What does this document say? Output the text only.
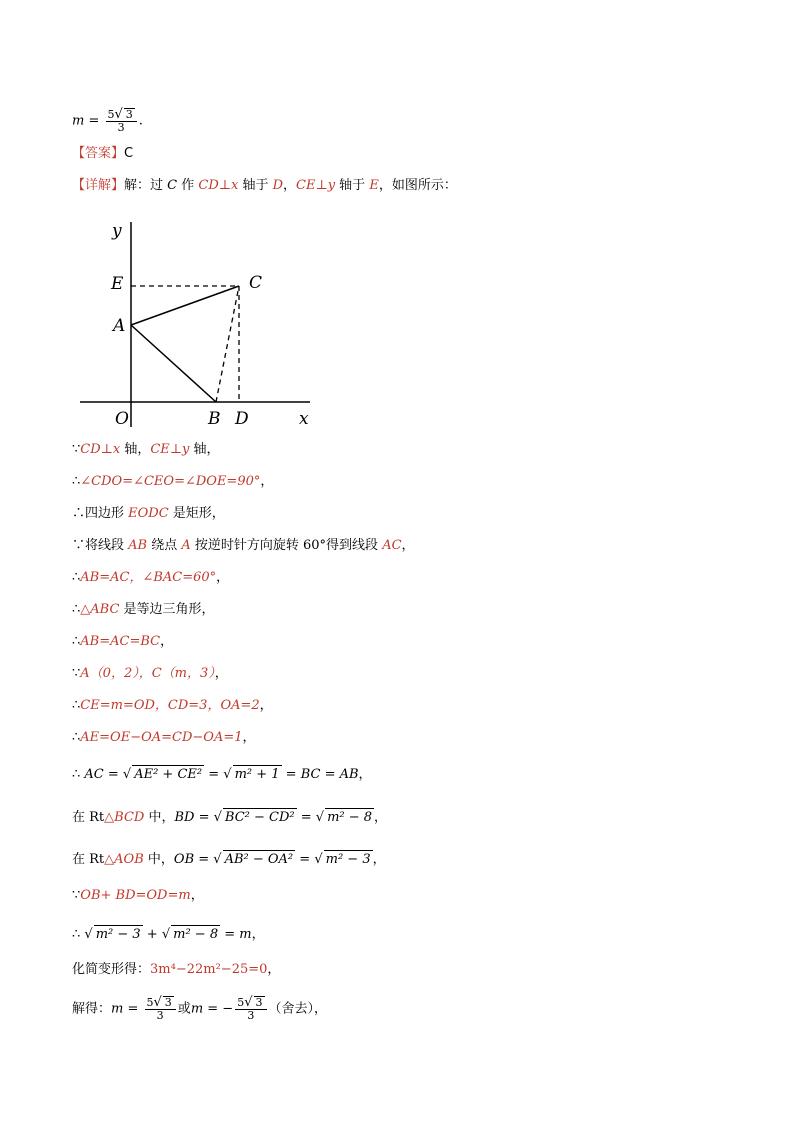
$m = \frac{5√ 3}{3}$ .
【答案】C
【详解】解：过 C 作 CD⊥x 轴于 D，CE⊥y 轴于 E，如图所示：
y
x
E	C
A
O	B D
∵CD⊥x 轴，CE⊥y 轴，
∴∠CDO=∠CEO=∠DOE=90°，
∴四边形 EODC 是矩形，
∵将线段 AB 绕点 A 按逆时针方向旋转 60°得到线段 AC，
∴AB=AC，∠BAC=60°，
∴△ABC 是等边三角形，
∴AB=AC=BC，
∵A（0，2），C（m，3），
∴CE=m=OD，CD=3，OA=2，
∴AE=OE−OA=CD−OA=1，
∴ AC = √ AE² + CE² = √ m² + 1 = BC = AB，
在 Rt△BCD 中，BD = √ BC² − CD² = √ m² − 8 ，
在 Rt△AOB 中，OB = √ AB² − OA² = √ m² − 3 ，
∵OB+ BD=OD=m，
∴ √ m² − 3 + √ m² − 8 = m，
化简变形得：3m⁴−22m²−25=0，
解得：$m = \frac{5√ 3}{3}$ 或m = − $\frac{5√ 3}{3}$ （舍去），
